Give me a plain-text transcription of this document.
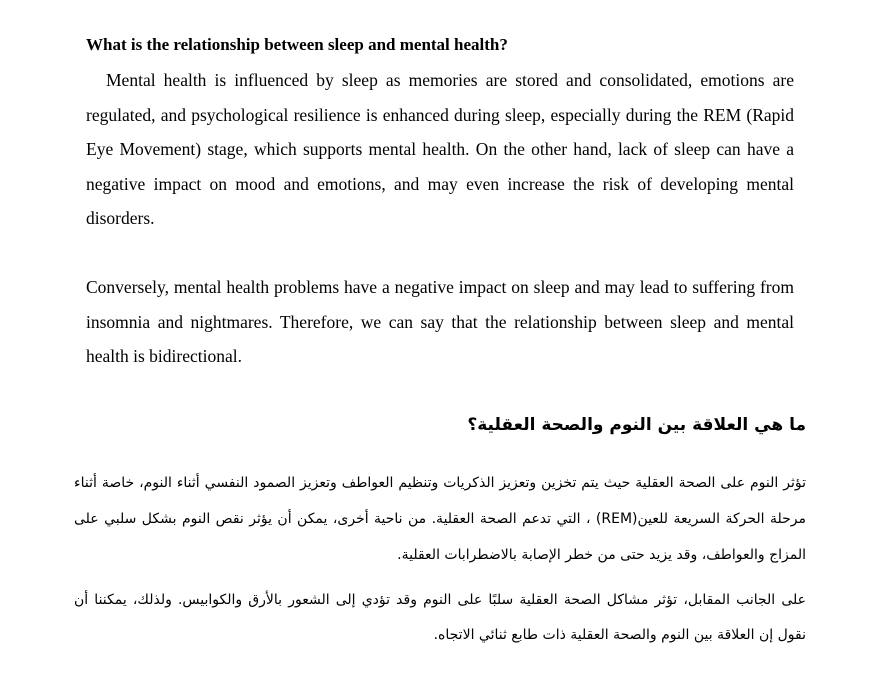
What is the relationship between sleep and mental health?

Mental health is influenced by sleep as memories are stored and consolidated, emotions are regulated, and psychological resilience is enhanced during sleep, especially during the REM (Rapid Eye Movement) stage, which supports mental health. On the other hand, lack of sleep can have a negative impact on mood and emotions, and may even increase the risk of developing mental disorders.

Conversely, mental health problems have a negative impact on sleep and may lead to suffering from insomnia and nightmares. Therefore, we can say that the relationship between sleep and mental health is bidirectional.

ما هي العلاقة بين النوم والصحة العقلية؟

تؤثر النوم على الصحة العقلية حيث يتم تخزين وتعزيز الذكريات وتنظيم العواطف وتعزيز الصمود النفسي أثناء النوم، خاصة أثناء مرحلة الحركة السريعة للعين(REM) ، التي تدعم الصحة العقلية. من ناحية أخرى، يمكن أن يؤثر نقص النوم بشكل سلبي على المزاج والعواطف، وقد يزيد حتى من خطر الإصابة بالاضطرابات العقلية.

على الجانب المقابل، تؤثر مشاكل الصحة العقلية سلبًا على النوم وقد تؤدي إلى الشعور بالأرق والكوابيس. ولذلك، يمكننا أن نقول إن العلاقة بين النوم والصحة العقلية ذات طابع ثنائي الاتجاه.
